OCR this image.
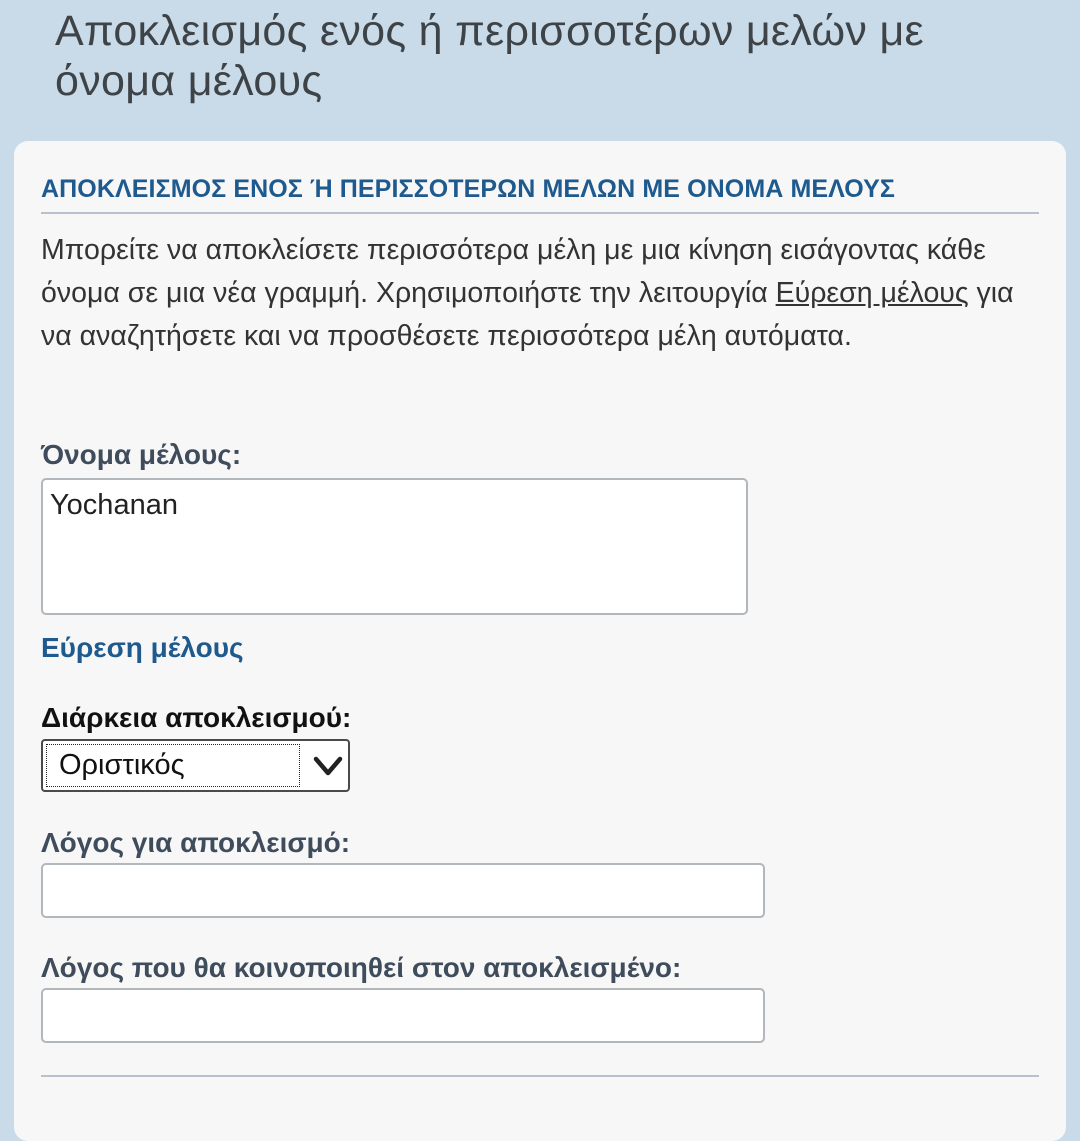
Αποκλεισμός ενός ή περισσοτέρων μελών με όνομα μέλους
ΑΠΟΚΛΕΙΣΜΟΣ ΕΝΟΣ Ή ΠΕΡΙΣΣΟΤΕΡΩΝ ΜΕΛΩΝ ΜΕ ΟΝΟΜΑ ΜΕΛΟΥΣ
Μπορείτε να αποκλείσετε περισσότερα μέλη με μια κίνηση εισάγοντας κάθε όνομα σε μια νέα γραμμή. Χρησιμοποιήστε την λειτουργία Εύρεση μέλους για να αναζητήσετε και να προσθέσετε περισσότερα μέλη αυτόματα.
Όνομα μέλους:
Yochanan
Εύρεση μέλους
Διάρκεια αποκλεισμού:
Οριστικός
Λόγος για αποκλεισμό:
Λόγος που θα κοινοποιηθεί στον αποκλεισμένο:
